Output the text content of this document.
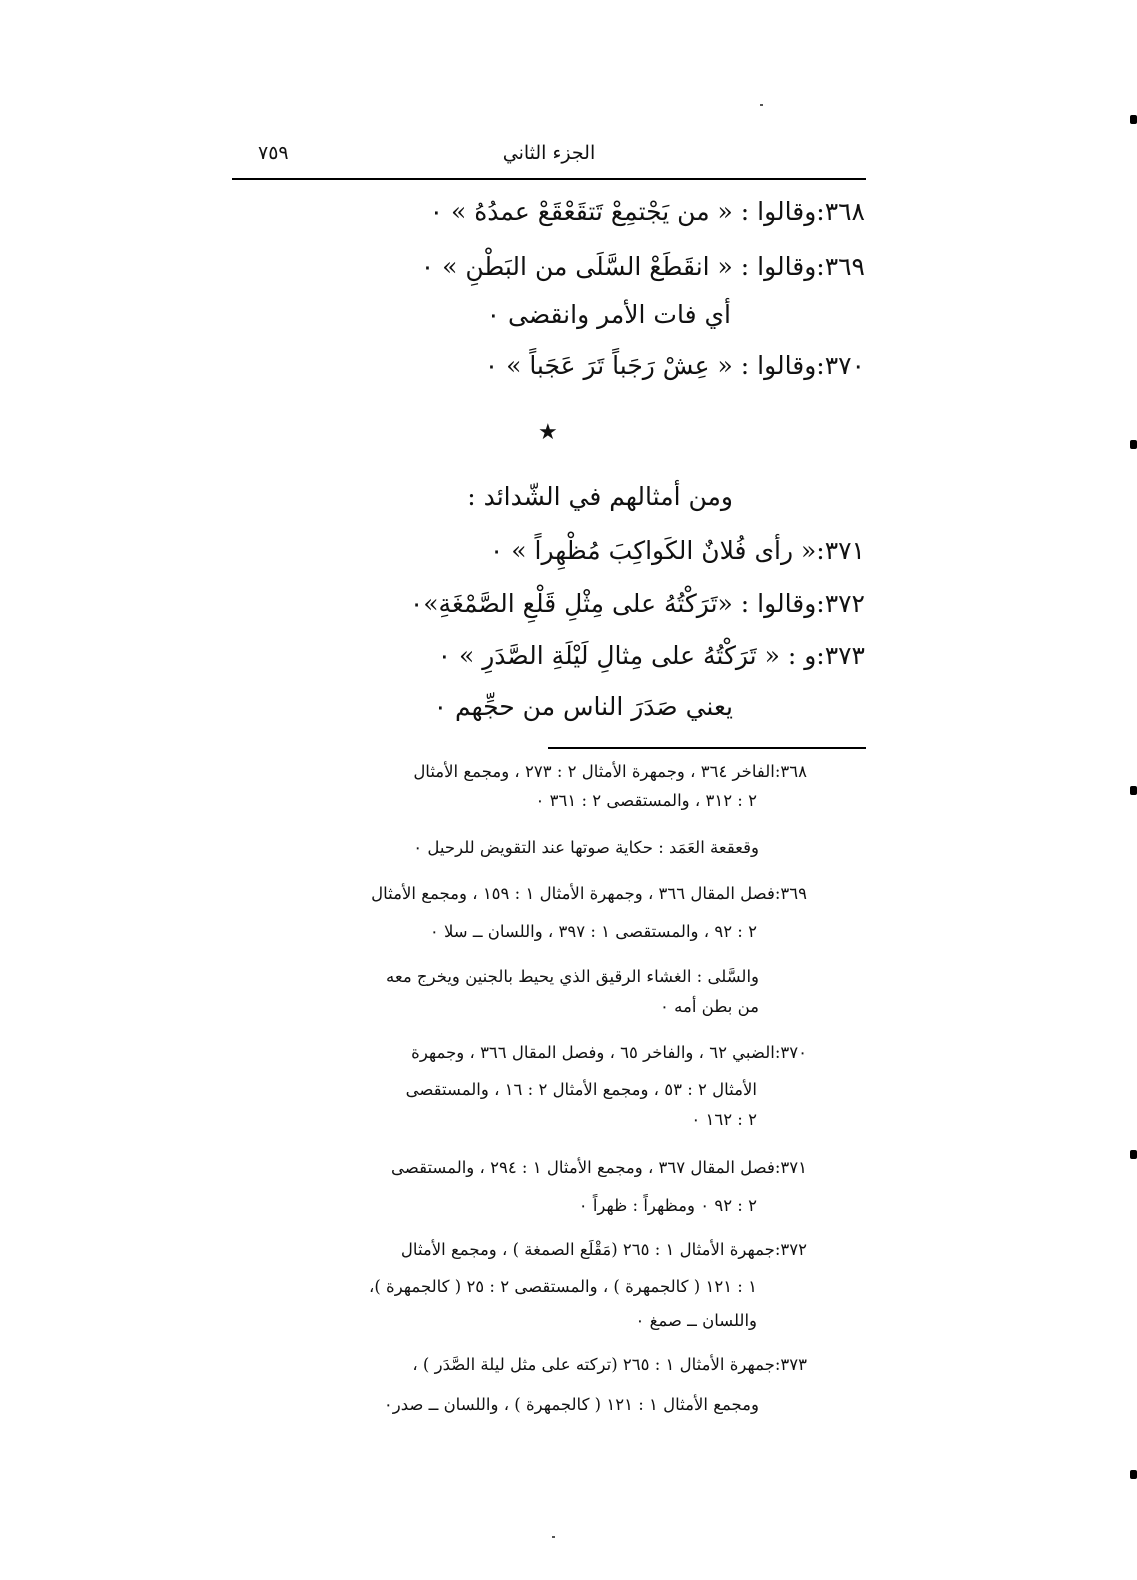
الجزء الثاني
٧٥٩
٣٦٨:وقالوا : « من يَجْتمِعْ تَتقَعْقَعْ عمدُهُ » ٠
٣٦٩:وقالوا : « انقَطَعْ السَّلَى من البَطْنِ » ٠
أي فات الأمر وانقضى ٠
٣٧٠:وقالوا : « عِشْ رَجَباً تَرَ عَجَباً » ٠
★
ومن أمثالهم في الشّدائد :
٣٧١:« رأى فُلانٌ الكَواكِبَ مُظْهِراً » ٠
٣٧٢:وقالوا : «تَرَكْتُهُ على مِثْلِ قَلْعِ الصَّمْغَةِ»٠
٣٧٣:و : « تَرَكْتُهُ على مِثالِ لَيْلَةِ الصَّدَرِ » ٠
يعني صَدَرَ الناس من حجِّهم ٠
٣٦٨:الفاخر ٣٦٤ ، وجمهرة الأمثال ٢ : ٢٧٣ ، ومجمع الأمثال
٢ : ٣١٢ ، والمستقصى ٢ : ٣٦١ ٠
وقعقعة العَمَد : حكاية صوتها عند التقويض للرحيل ٠
٣٦٩:فصل المقال ٣٦٦ ، وجمهرة الأمثال ١ : ١٥٩ ، ومجمع الأمثال
٢ : ٩٢ ، والمستقصى ١ : ٣٩٧ ، واللسان ــ سلا ٠
والسَّلى : الغشاء الرقيق الذي يحيط بالجنين ويخرج معه
من بطن أمه ٠
٣٧٠:الضبي ٦٢ ، والفاخر ٦٥ ، وفصل المقال ٣٦٦ ، وجمهرة
الأمثال ٢ : ٥٣ ، ومجمع الأمثال ٢ : ١٦ ، والمستقصى
٢ : ١٦٢ ٠
٣٧١:فصل المقال ٣٦٧ ، ومجمع الأمثال ١ : ٢٩٤ ، والمستقصى
٢ : ٩٢ ٠ ومظهراً : ظهراً ٠
٣٧٢:جمهرة الأمثال ١ : ٢٦٥ (مَقْلَع الصمغة ) ، ومجمع الأمثال
١ : ١٢١ ( كالجمهرة ) ، والمستقصى ٢ : ٢٥ ( كالجمهرة )،
واللسان ــ صمغ ٠
٣٧٣:جمهرة الأمثال ١ : ٢٦٥ (تركته على مثل ليلة الصَّدَر ) ،
ومجمع الأمثال ١ : ١٢١ ( كالجمهرة ) ، واللسان ــ صدر٠
